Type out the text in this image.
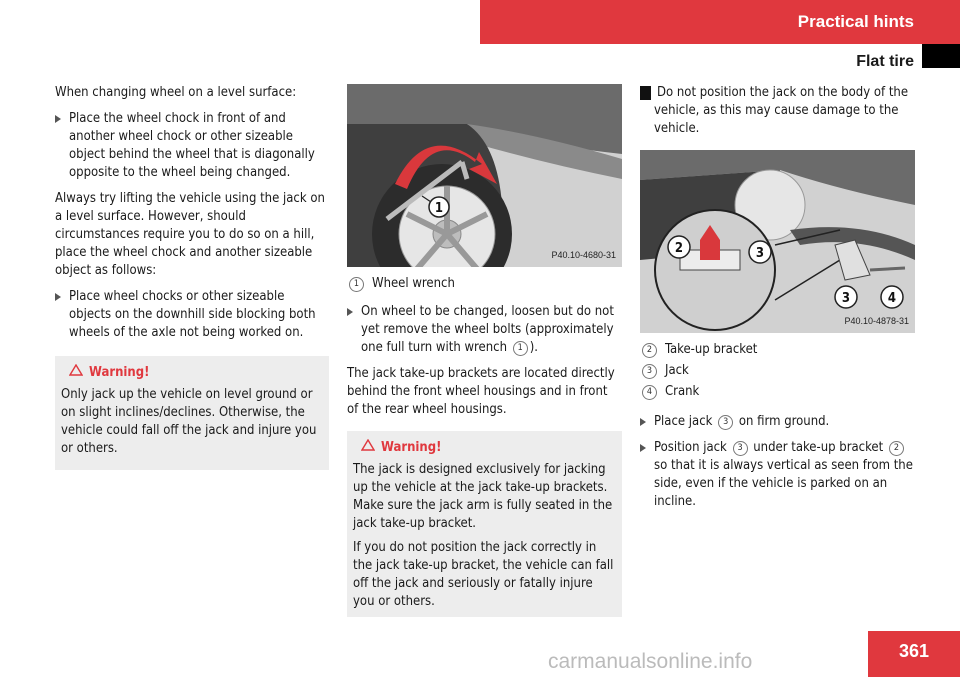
Practical hints
Flat tire

When changing wheel on a level surface:

Place the wheel chock in front of and another wheel chock or other sizeable object behind the wheel that is diagonally opposite to the wheel being changed.

Always try lifting the vehicle using the jack on a level surface. However, should circumstances require you to do so on a hill, place the wheel chock and another sizeable object as follows:

Place wheel chocks or other sizeable objects on the downhill side blocking both wheels of the axle not being worked on.
Warning!

Only jack up the vehicle on level ground or on slight inclines/declines. Otherwise, the vehicle could fall off the jack and injure you or others.

1
P40.10-4680-31
1 Wheel wrench
On wheel to be changed, loosen but do not yet remove the wheel bolts (approximately one full turn with wrench 1 ).

The jack take-up brackets are located directly behind the front wheel housings and in front of the rear wheel housings.

Warning!

The jack is designed exclusively for jacking up the vehicle at the jack take-up brackets. Make sure the jack arm is fully seated in the jack take-up bracket.

If you do not position the jack correctly in the jack take-up bracket, the vehicle can fall off the jack and seriously or fatally injure you or others.

! Do not position the jack on the body of the vehicle, as this may cause damage to the vehicle.

2	3
3	4
P40.10-4878-31
2 Take-up bracket
3 Jack
4 Crank
Place jack 3 on firm ground.
Position jack 3 under take-up bracket 2 so that it is always vertical as seen from the side, even if the vehicle is parked on an incline.
361
carmanualsonline.info
